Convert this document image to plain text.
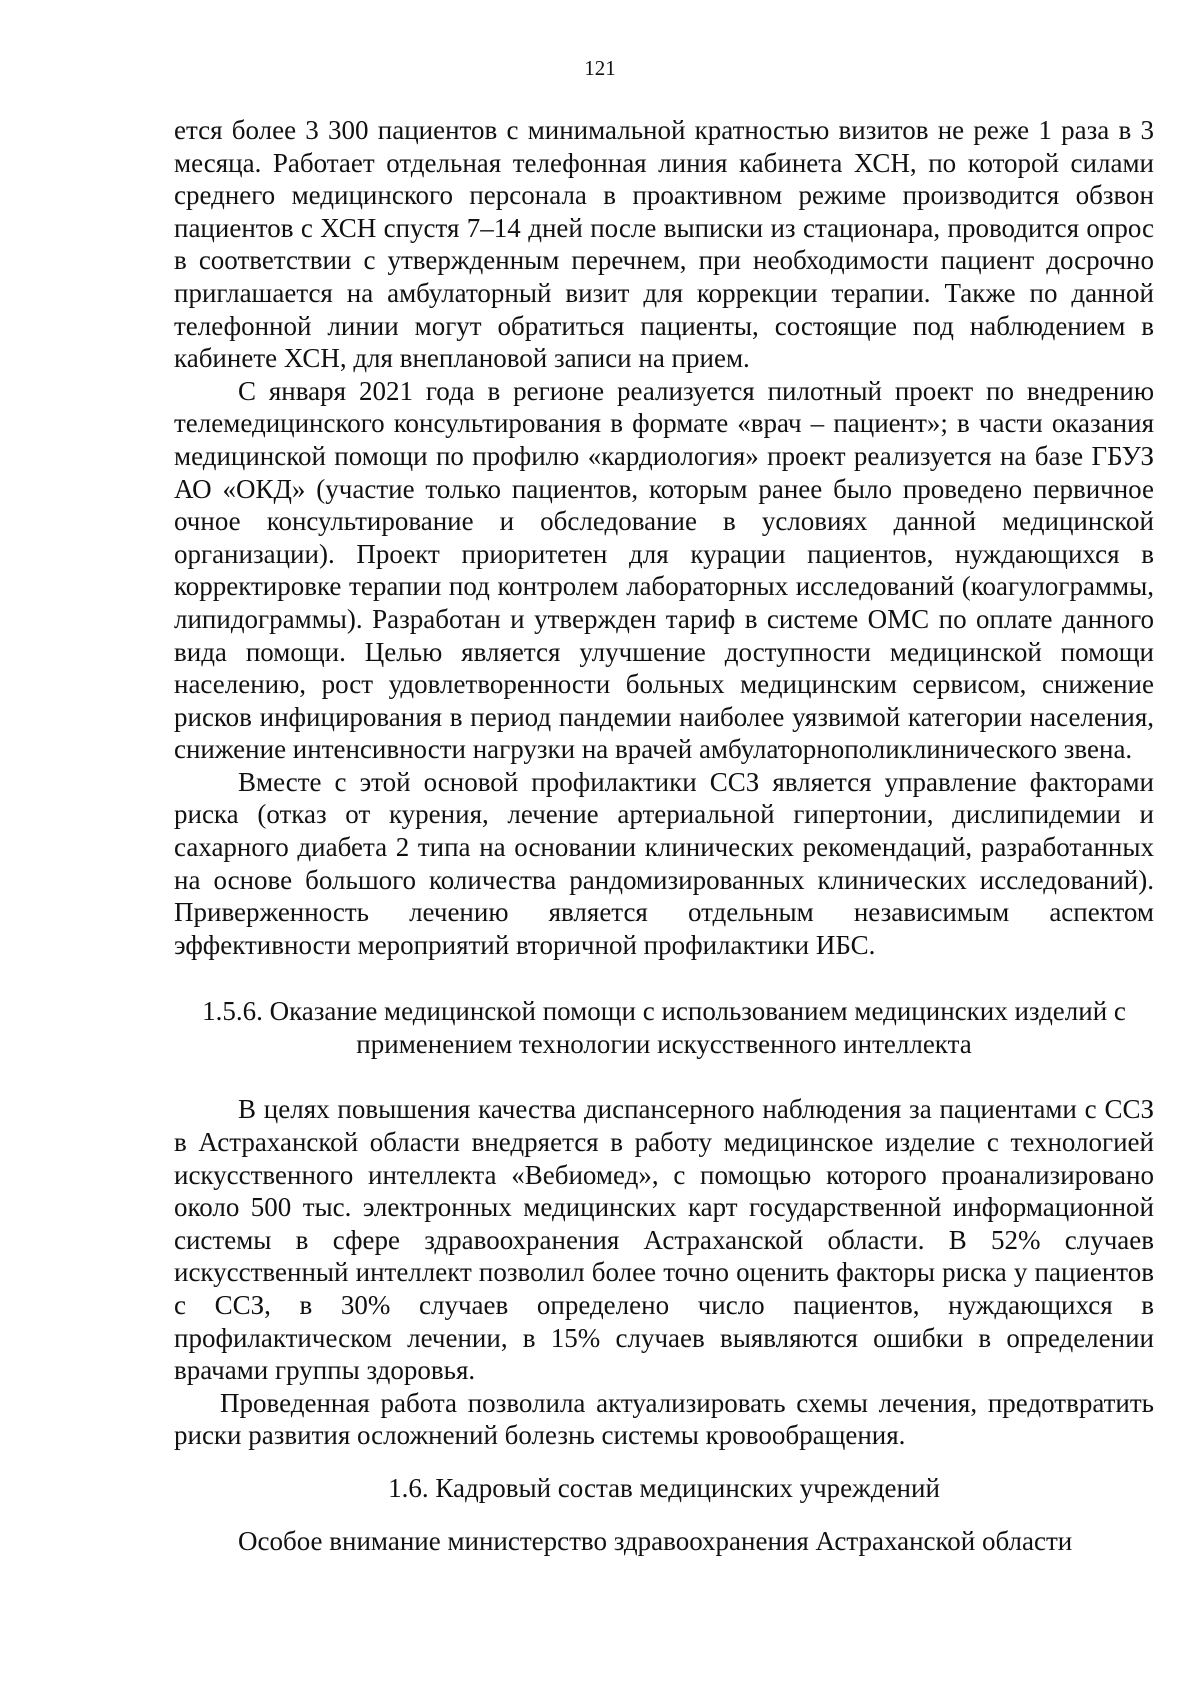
121

ется более 3 300 пациентов с минимальной кратностью визитов не реже 1 раза в 3 месяца. Работает отдельная телефонная линия кабинета ХСН, по которой силами среднего медицинского персонала в проактивном режиме производится обзвон пациентов с ХСН спустя 7–14 дней после выписки из стационара, проводится опрос в соответствии с утвержденным перечнем, при необходимости пациент досрочно приглашается на амбулаторный визит для коррекции терапии. Также по данной телефонной линии могут обратиться пациенты, состоящие под наблюдением в кабинете ХСН, для внеплановой записи на прием.

С января 2021 года в регионе реализуется пилотный проект по внедрению телемедицинского консультирования в формате «врач – пациент»; в части оказания медицинской помощи по профилю «кардиология» проект реализуется на базе ГБУЗ АО «ОКД» (участие только пациентов, которым ранее было проведено первичное очное консультирование и обследование в условиях данной медицинской организации). Проект приоритетен для курации пациентов, нуждающихся в корректировке терапии под контролем лабораторных исследований (коагулограммы, липидограммы). Разработан и утвержден тариф в системе ОМС по оплате данного вида помощи. Целью является улучшение доступности медицинской помощи населению, рост удовлетворенности больных медицинским сервисом, снижение рисков инфицирования в период пандемии наиболее уязвимой категории населения, снижение интенсивности нагрузки на врачей амбулаторнополиклинического звена.

Вместе с этой основой профилактики ССЗ является управление факторами риска (отказ от курения, лечение артериальной гипертонии, дислипидемии и сахарного диабета 2 типа на основании клинических рекомендаций, разработанных на основе большого количества рандомизированных клинических исследований). Приверженность лечению является отдельным независимым аспектом эффективности мероприятий вторичной профилактики ИБС.

1.5.6. Оказание медицинской помощи с использованием медицинских изделий с
применением технологии искусственного интеллекта

В целях повышения качества диспансерного наблюдения за пациентами с ССЗ в Астраханской области внедряется в работу медицинское изделие с технологией искусственного интеллекта «Вебиомед», с помощью которого проанализировано около 500 тыс. электронных медицинских карт государственной информационной системы в сфере здравоохранения Астраханской области. В 52% случаев искусственный интеллект позволил более точно оценить факторы риска у пациентов с ССЗ, в 30% случаев определено число пациентов, нуждающихся в профилактическом лечении, в 15% случаев выявляются ошибки в определении врачами группы здоровья.

Проведенная работа позволила актуализировать схемы лечения, предотвратить риски развития осложнений болезнь системы кровообращения.

1.6. Кадровый состав медицинских учреждений

Особое внимание министерство здравоохранения Астраханской области
